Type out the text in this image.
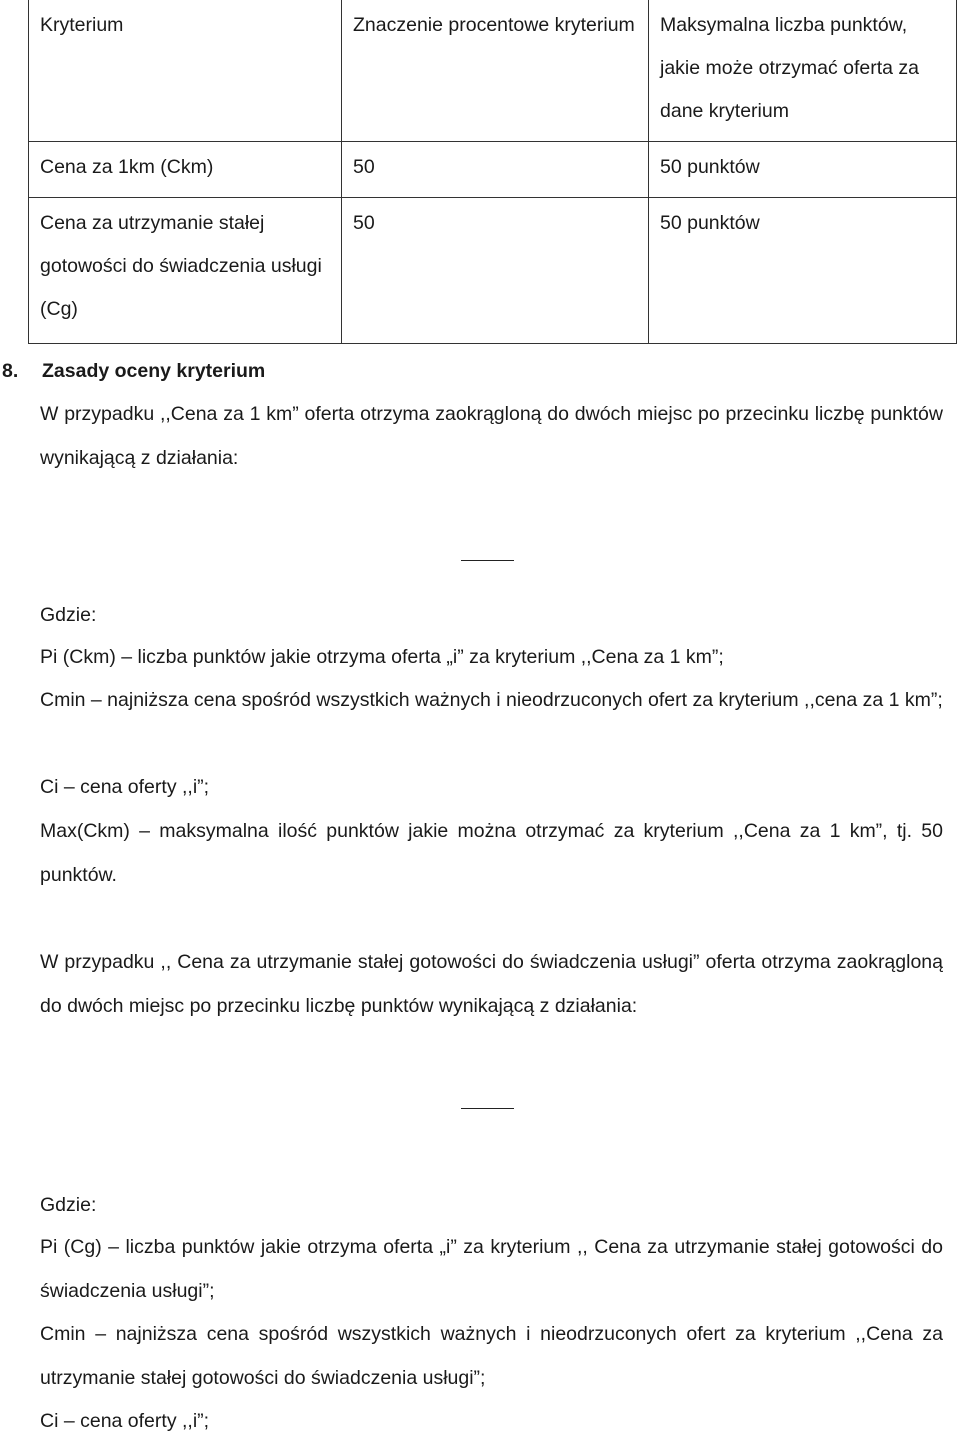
Kryterium	Znaczenie procentowe kryterium	Maksymalna liczba punktów, jakie może otrzymać oferta za dane kryterium
Cena za 1km (Ckm)	50	50 punktów
Cena za utrzymanie stałej gotowości do świadczenia usługi (Cg)	50	50 punktów
8. Zasady oceny kryterium
W przypadku ,,Cena za 1 km” oferta otrzyma zaokrągloną do dwóch miejsc po przecinku liczbę punktów wynikającą z działania:
Gdzie:
Pi (Ckm) – liczba punktów jakie otrzyma oferta „i” za kryterium ,,Cena za 1 km”;
Cmin – najniższa cena spośród wszystkich ważnych i nieodrzuconych ofert za kryterium ,,cena za 1 km”;
Ci – cena oferty ,,i”;
Max(Ckm) – maksymalna ilość punktów jakie można otrzymać za kryterium ,,Cena za 1 km”, tj. 50 punktów.
W przypadku ,, Cena za utrzymanie stałej gotowości do świadczenia usługi” oferta otrzyma zaokrągloną do dwóch miejsc po przecinku liczbę punktów wynikającą z działania:
Gdzie:
Pi (Cg) – liczba punktów jakie otrzyma oferta „i” za kryterium ,, Cena za utrzymanie stałej gotowości do świadczenia usługi”;
Cmin – najniższa cena spośród wszystkich ważnych i nieodrzuconych ofert za kryterium ,,Cena za utrzymanie stałej gotowości do świadczenia usługi”;
Ci – cena oferty ,,i”;
